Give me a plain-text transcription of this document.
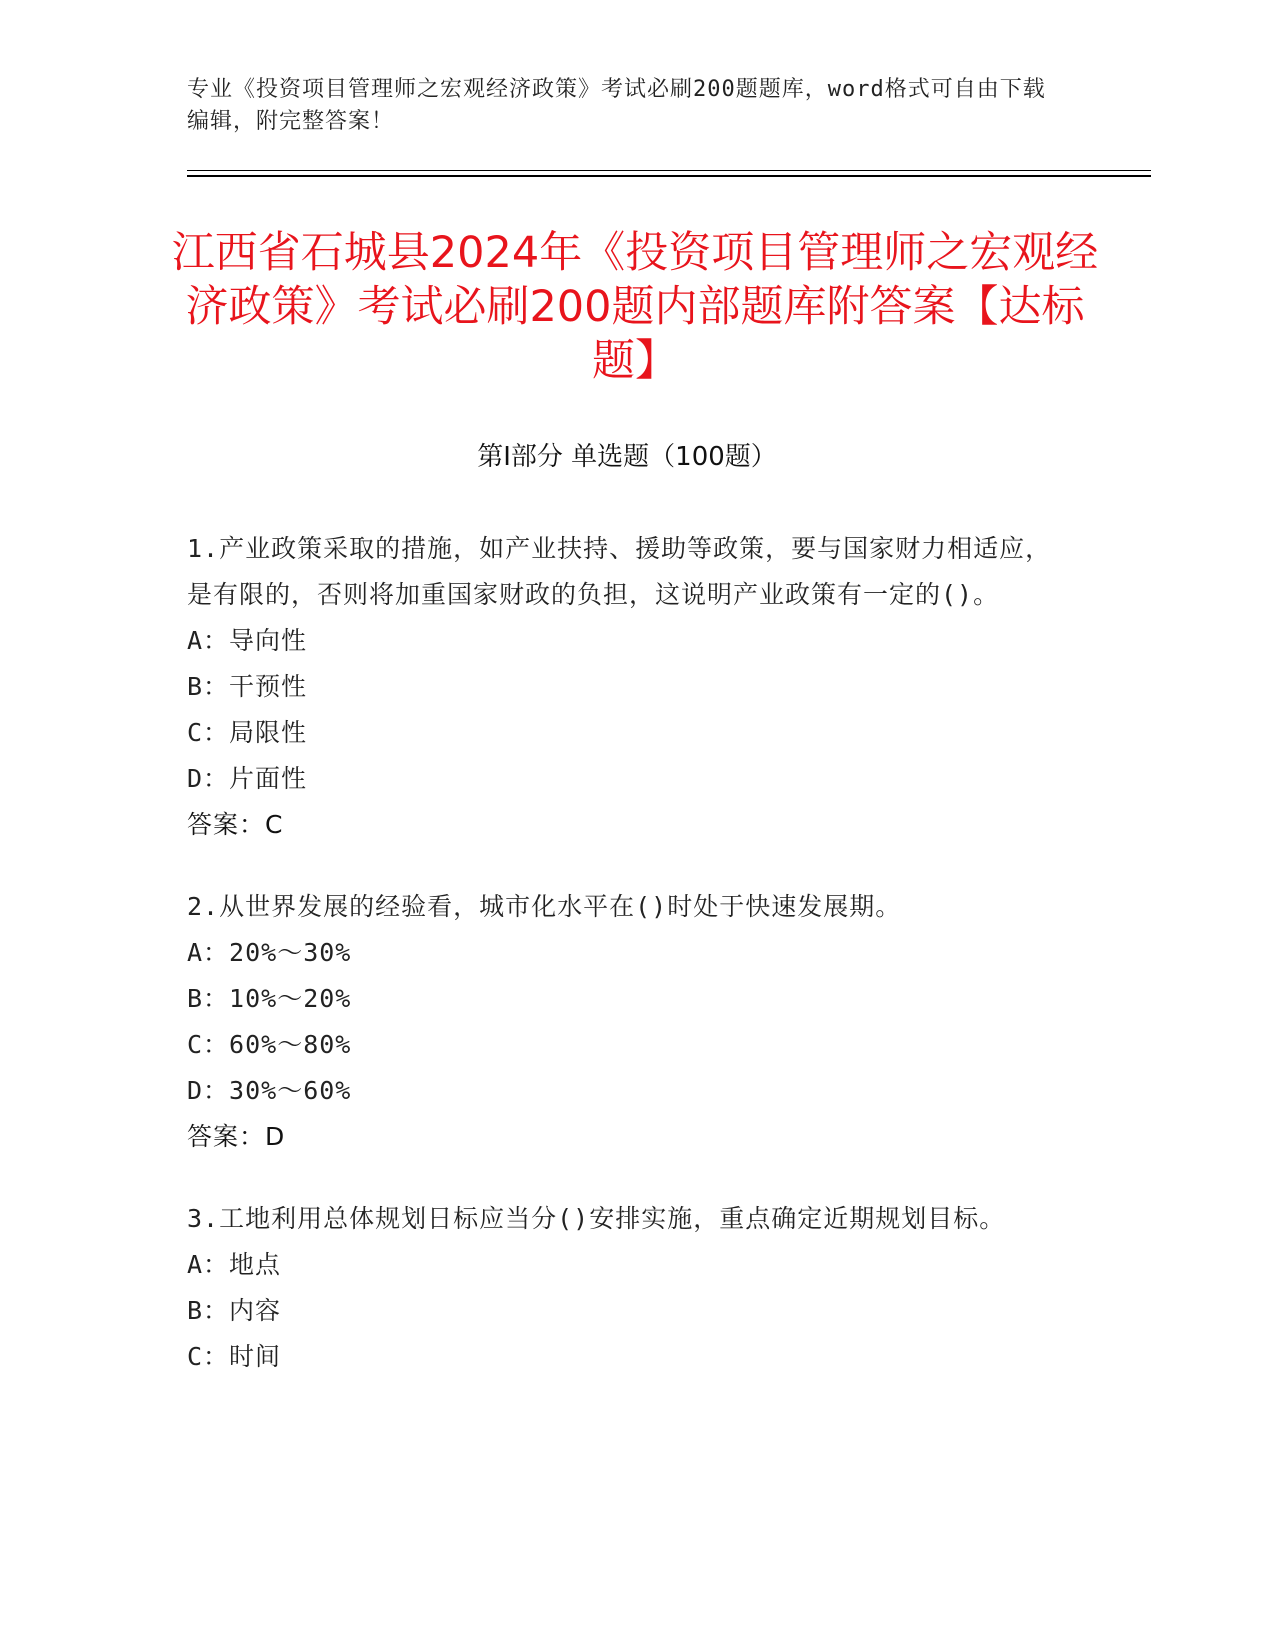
专业《投资项目管理师之宏观经济政策》考试必刷200题题库，word格式可自由下载编辑，附完整答案！
江西省石城县2024年《投资项目管理师之宏观经济政策》考试必刷200题内部题库附答案【达标题】
第I部分 单选题（100题）
1.产业政策采取的措施，如产业扶持、援助等政策，要与国家财力相适应，是有限的，否则将加重国家财政的负担，这说明产业政策有一定的()。
A：导向性
B：干预性
C：局限性
D：片面性
答案：C
2.从世界发展的经验看，城市化水平在()时处于快速发展期。
A：20%～30%
B：10%～20%
C：60%～80%
D：30%～60%
答案：D
3.工地利用总体规划日标应当分()安排实施，重点确定近期规划目标。
A：地点
B：内容
C：时间
